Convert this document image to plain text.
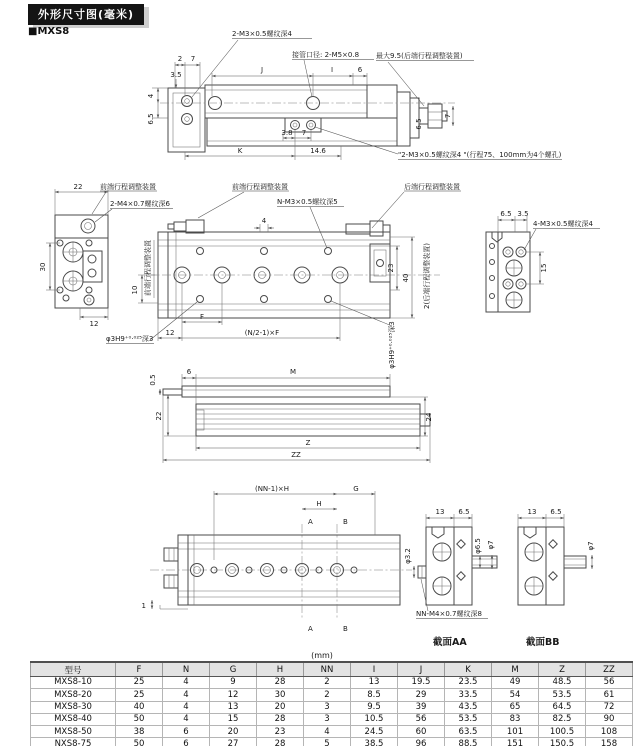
外形尺寸图(毫米)
■MXS8
2 7
J	I	6
3.5
4
6.5
3.8 7
K	14.6
7
6.5
2-M3×0.5螺纹深4
接管口径: 2-M5×0.8 最大9.5(后端行程调整装置)
"2-M3×0.5螺纹深4 "(行程75、100mm为4个螺孔)
22
30
12
前端行程调整装置
2-M4×0.7螺纹深6
4
10 前端行程调整装置
F
12	(N/2-1)×F
23
40 2(后端行程调整装置)
前端行程调整装置	后端行程调整装置
N-M3×0.5螺纹深5
φ3H9⁺⁰·⁰²⁵深3	φ3H9⁺⁰·⁰²⁵深3
6.5 3.5
4-M3×0.5螺纹深4
15
6	M
0.5
22	24
Z
ZZ
A	B
A	B
H
(NN-1)×H	G
1
13 6.5
φ3.2
φ6.5 φ7
NN-M4×0.7螺纹深8
截面AA
13 6.5
φ7
截面BB
(mm)
型号	F	N	G	H	NN	I	J	K	M	Z	ZZ
MXS8-10	25	4	9	28	2	13	19.5	23.5	49	48.5	56
MXS8-20	25	4	12	30	2	8.5	29	33.5	54	53.5	61
MXS8-30	40	4	13	20	3	9.5	39	43.5	65	64.5	72
MXS8-40	50	4	15	28	3	10.5	56	53.5	83	82.5	90
MXS8-50	38	6	20	23	4	24.5	60	63.5	101	100.5	108
NXS8-75	50	6	27	28	5	38.5	96	88.5	151	150.5	158
